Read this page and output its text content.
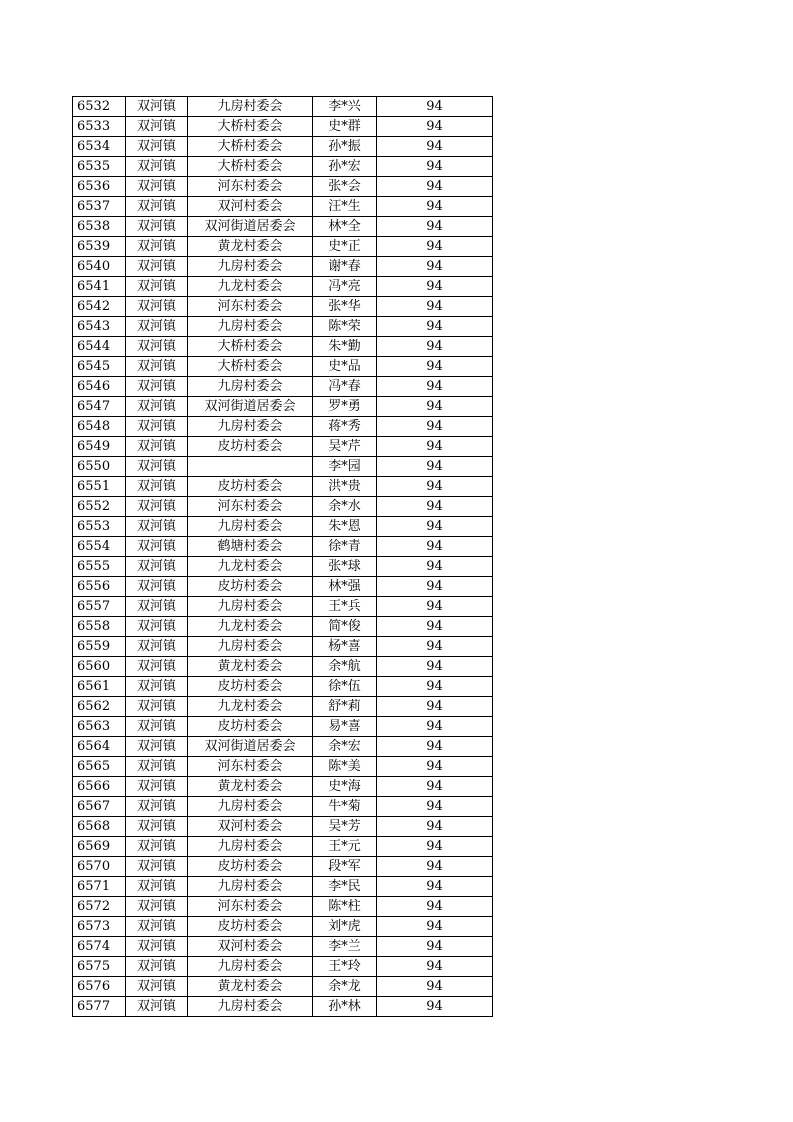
6532	双河镇	九房村委会	李*兴	94
6533	双河镇	大桥村委会	史*群	94
6534	双河镇	大桥村委会	孙*振	94
6535	双河镇	大桥村委会	孙*宏	94
6536	双河镇	河东村委会	张*会	94
6537	双河镇	双河村委会	汪*生	94
6538	双河镇	双河街道居委会	林*全	94
6539	双河镇	黄龙村委会	史*正	94
6540	双河镇	九房村委会	谢*春	94
6541	双河镇	九龙村委会	冯*亮	94
6542	双河镇	河东村委会	张*华	94
6543	双河镇	九房村委会	陈*荣	94
6544	双河镇	大桥村委会	朱*勤	94
6545	双河镇	大桥村委会	史*品	94
6546	双河镇	九房村委会	冯*春	94
6547	双河镇	双河街道居委会	罗*勇	94
6548	双河镇	九房村委会	蒋*秀	94
6549	双河镇	皮坊村委会	吴*芹	94
6550	双河镇		李*园	94
6551	双河镇	皮坊村委会	洪*贵	94
6552	双河镇	河东村委会	余*水	94
6553	双河镇	九房村委会	朱*恩	94
6554	双河镇	鹤塘村委会	徐*青	94
6555	双河镇	九龙村委会	张*球	94
6556	双河镇	皮坊村委会	林*强	94
6557	双河镇	九房村委会	王*兵	94
6558	双河镇	九龙村委会	简*俊	94
6559	双河镇	九房村委会	杨*喜	94
6560	双河镇	黄龙村委会	余*航	94
6561	双河镇	皮坊村委会	徐*伍	94
6562	双河镇	九龙村委会	舒*莉	94
6563	双河镇	皮坊村委会	易*喜	94
6564	双河镇	双河街道居委会	余*宏	94
6565	双河镇	河东村委会	陈*美	94
6566	双河镇	黄龙村委会	史*海	94
6567	双河镇	九房村委会	牛*菊	94
6568	双河镇	双河村委会	吴*芳	94
6569	双河镇	九房村委会	王*元	94
6570	双河镇	皮坊村委会	段*军	94
6571	双河镇	九房村委会	李*民	94
6572	双河镇	河东村委会	陈*柱	94
6573	双河镇	皮坊村委会	刘*虎	94
6574	双河镇	双河村委会	李*兰	94
6575	双河镇	九房村委会	王*玲	94
6576	双河镇	黄龙村委会	余*龙	94
6577	双河镇	九房村委会	孙*林	94
